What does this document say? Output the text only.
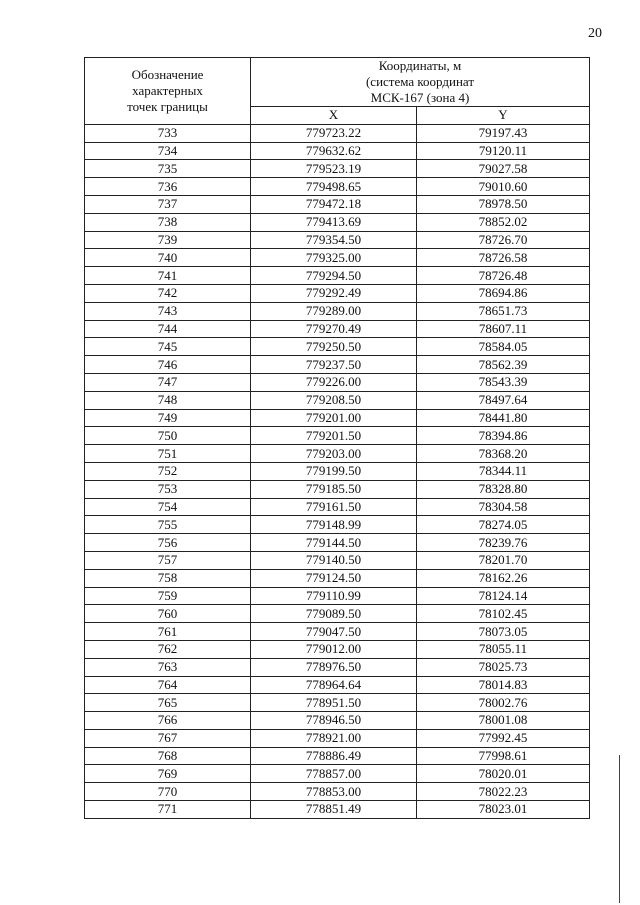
20
Обозначение
характерных
точек границы	Координаты, м
(система координат
МСК-167 (зона 4)	

	X	Y
733	779723.22	79197.43
734	779632.62	79120.11
735	779523.19	79027.58
736	779498.65	79010.60
737	779472.18	78978.50
738	779413.69	78852.02
739	779354.50	78726.70
740	779325.00	78726.58
741	779294.50	78726.48
742	779292.49	78694.86
743	779289.00	78651.73
744	779270.49	78607.11
745	779250.50	78584.05
746	779237.50	78562.39
747	779226.00	78543.39
748	779208.50	78497.64
749	779201.00	78441.80
750	779201.50	78394.86
751	779203.00	78368.20
752	779199.50	78344.11
753	779185.50	78328.80
754	779161.50	78304.58
755	779148.99	78274.05
756	779144.50	78239.76
757	779140.50	78201.70
758	779124.50	78162.26
759	779110.99	78124.14
760	779089.50	78102.45
761	779047.50	78073.05
762	779012.00	78055.11
763	778976.50	78025.73
764	778964.64	78014.83
765	778951.50	78002.76
766	778946.50	78001.08
767	778921.00	77992.45
768	778886.49	77998.61
769	778857.00	78020.01
770	778853.00	78022.23
771	778851.49	78023.01
